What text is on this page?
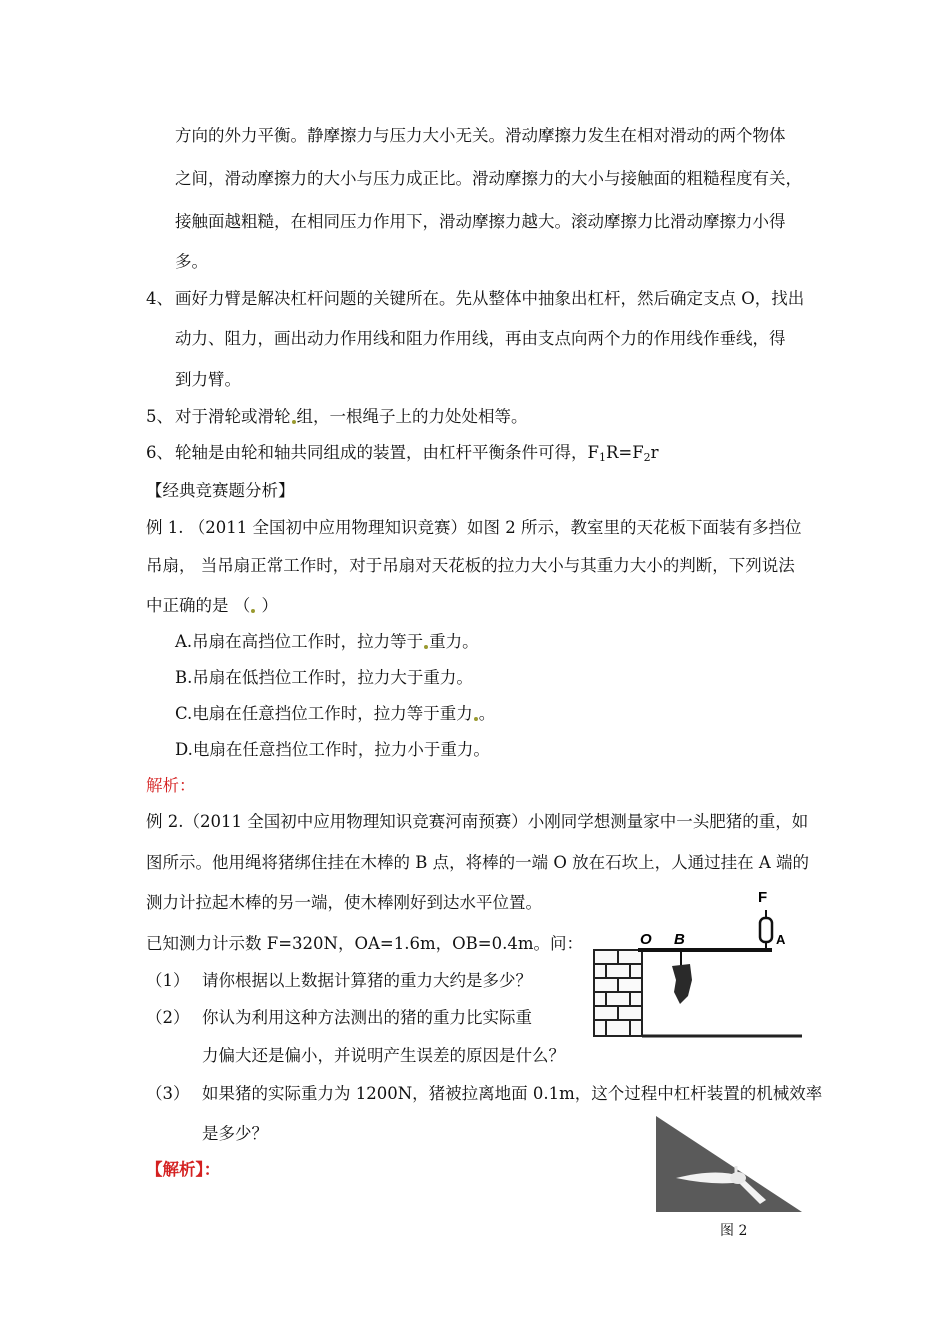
方向的外力平衡。静摩擦力与压力大小无关。滑动摩擦力发生在相对滑动的两个物体
之间，滑动摩擦力的大小与压力成正比。滑动摩擦力的大小与接触面的粗糙程度有关，
接触面越粗糙，在相同压力作用下，滑动摩擦力越大。滚动摩擦力比滑动摩擦力小得
多。
4、 画好力臂是解决杠杆问题的关键所在。先从整体中抽象出杠杆，然后确定支点 O，找出
动力、阻力，画出动力作用线和阻力作用线，再由支点向两个力的作用线作垂线，得
到力臂。
5、 对于滑轮或滑轮 组，一根绳子上的力处处相等。
6、 轮轴是由轮和轴共同组成的装置，由杠杆平衡条件可得，$F_1R=F_2r$
【经典竞赛题分析】
例 1. （2011 全国初中应用物理知识竞赛）如图 2 所示，教室里的天花板下面装有多挡位
吊扇， 当吊扇正常工作时，对于吊扇对天花板的拉力大小与其重力大小的判断，下列说法
中正确的是 （ ）
A.吊扇在高挡位工作时，拉力等于 重力。
B.吊扇在低挡位工作时，拉力大于重力。
C.电扇在任意挡位工作时，拉力等于重力 。
D.电扇在任意挡位工作时，拉力小于重力。
解析：
例 2.（2011 全国初中应用物理知识竞赛河南预赛）小刚同学想测量家中一头肥猪的重，如
图所示。他用绳将猪绑住挂在木棒的 B 点，将棒的一端 O 放在石坎上，人通过挂在 A 端的
测力计拉起木棒的另一端，使木棒刚好到达水平位置。
已知测力计示数 F=320N，OA=1.6m，OB=0.4m。问：
（1） 请你根据以上数据计算猪的重力大约是多少？
（2） 你认为利用这种方法测出的猪的重力比实际重
力偏大还是偏小，并说明产生误差的原因是什么？
（3） 如果猪的实际重力为 1200N，猪被拉离地面 0.1m，这个过程中杠杆装置的机械效率
是多少？
【解析】：
F
O B	A
图 2
